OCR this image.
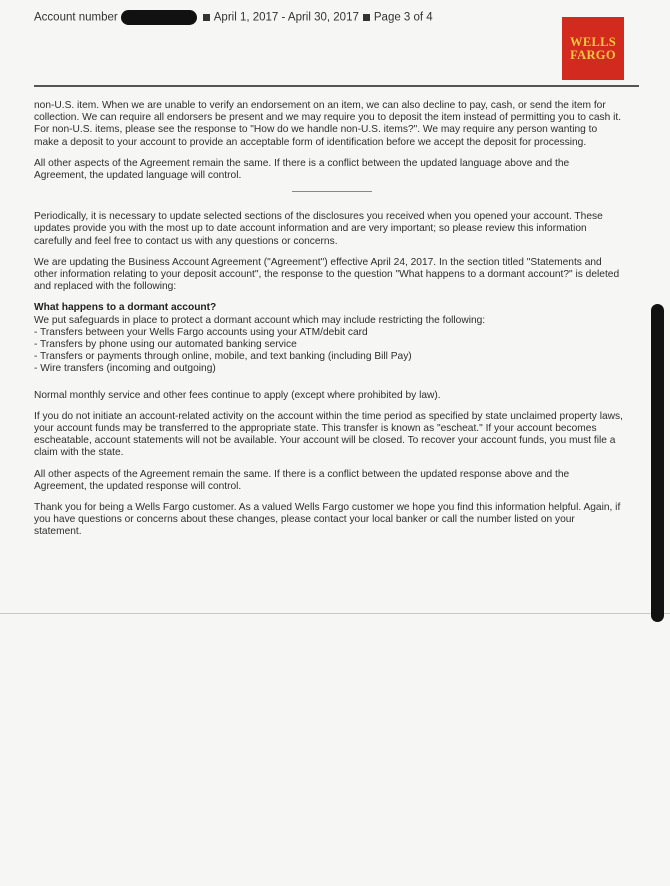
Account number	April 1, 2017 - April 30, 2017 Page 3 of 4
WELLS
FARGO

non-U.S. item. When we are unable to verify an endorsement on an item, we can also decline to pay, cash, or send the item for collection. We can require all endorsers be present and we may require you to deposit the item instead of permitting you to cash it. For non-U.S. items, please see the response to "How do we handle non-U.S. items?". We may require any person wanting to make a deposit to your account to provide an acceptable form of identification before we accept the deposit for processing.

All other aspects of the Agreement remain the same. If there is a conflict between the updated language above and the Agreement, the updated language will control.

Periodically, it is necessary to update selected sections of the disclosures you received when you opened your account. These updates provide you with the most up to date account information and are very important; so please review this information carefully and feel free to contact us with any questions or concerns.

We are updating the Business Account Agreement ("Agreement") effective April 24, 2017. In the section titled "Statements and other information relating to your deposit account", the response to the question "What happens to a dormant account?" is deleted and replaced with the following:

What happens to a dormant account?

We put safeguards in place to protect a dormant account which may include restricting the following:

- Transfers between your Wells Fargo accounts using your ATM/debit card
- Transfers by phone using our automated banking service
- Transfers or payments through online, mobile, and text banking (including Bill Pay)
- Wire transfers (incoming and outgoing)

Normal monthly service and other fees continue to apply (except where prohibited by law).

If you do not initiate an account-related activity on the account within the time period as specified by state unclaimed property laws, your account funds may be transferred to the appropriate state. This transfer is known as "escheat." If your account becomes escheatable, account statements will not be available. Your account will be closed. To recover your account funds, you must file a claim with the state.

All other aspects of the Agreement remain the same. If there is a conflict between the updated response above and the Agreement, the updated response will control.

Thank you for being a Wells Fargo customer. As a valued Wells Fargo customer we hope you find this information helpful. Again, if you have questions or concerns about these changes, please contact your local banker or call the number listed on your statement.
